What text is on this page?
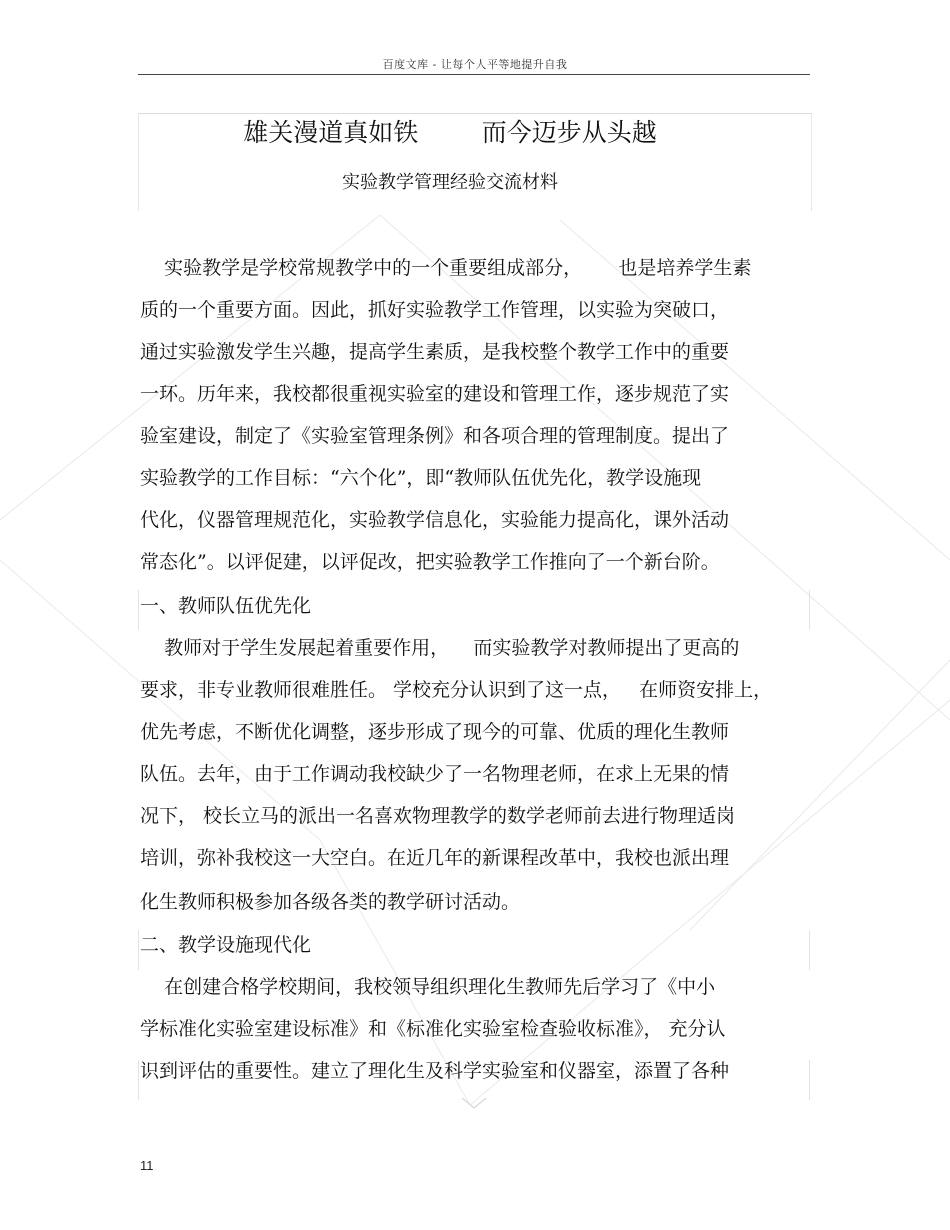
百度文库 - 让每个人平等地提升自我
雄关漫道真如铁        而今迈步从头越
实验教学管理经验交流材料
实验教学是学校常规教学中的一个重要组成部分，      也是培养学生素
质的一个重要方面。因此，抓好实验教学工作管理，以实验为突破口，
通过实验激发学生兴趣，提高学生素质，是我校整个教学工作中的重要
一环。历年来，我校都很重视实验室的建设和管理工作，逐步规范了实
验室建设，制定了《实验室管理条例》和各项合理的管理制度。提出了
实验教学的工作目标：“六个化”，即“教师队伍优先化，教学设施现
代化，仪器管理规范化，实验教学信息化，实验能力提高化，课外活动
常态化”。以评促建，以评促改，把实验教学工作推向了一个新台阶。
一、教师队伍优先化
教师对于学生发展起着重要作用，    而实验教学对教师提出了更高的
要求，非专业教师很难胜任。 学校充分认识到了这一点，   在师资安排上，
优先考虑，不断优化调整，逐步形成了现今的可靠、优质的理化生教师
队伍。去年，由于工作调动我校缺少了一名物理老师，在求上无果的情
况下， 校长立马的派出一名喜欢物理教学的数学老师前去进行物理适岗
培训，弥补我校这一大空白。在近几年的新课程改革中，我校也派出理
化生教师积极参加各级各类的教学研讨活动。
二、教学设施现代化
在创建合格学校期间，我校领导组织理化生教师先后学习了《中小
学标准化实验室建设标准》和《标准化实验室检查验收标准》， 充分认
识到评估的重要性。建立了理化生及科学实验室和仪器室，添置了各种
11
